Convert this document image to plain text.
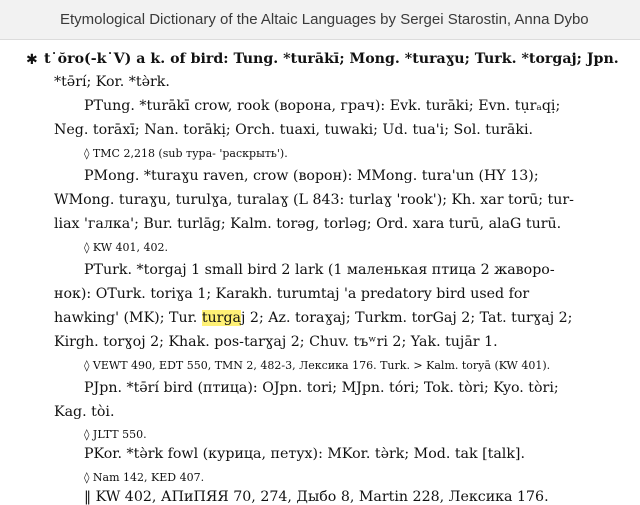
Etymological Dictionary of the Altaic Languages by Sergei Starostin, Anna Dybo
✱ t˙ŏro(-k˙V) a k. of bird: Tung. *turākī; Mong. *turaɣu; Turk. *torgaj; Jpn.
*tə̄rí; Kor. *tə̀rk.
PTung. *turākī crow, rook (ворона, грач): Evk. turāki; Evn. tụrₐqị;
Neg. torāxī; Nan. torākị; Orch. tuaxi, tuwaki; Ud. tuа'i; Sol. turāki.
◊ TMC 2,218 (sub турa- 'раскрыть').
PMong. *turaɣu raven, crow (ворон): MMong. tura'un (HY 13);
WMong. turaɣu, turulɣa, turalaɣ (L 843: turlaɣ 'rook'); Kh. xar torū; tur-
liax 'галка'; Bur. turlāg; Kalm. torəg, torləg; Ord. xara turū, alaG turū.
◊ KW 401, 402.
PTurk. *torgaj 1 small bird 2 lark (1 маленькая птица 2 жаворо-
нок): OTurk. toriɣa 1; Karakh. turumtaj 'a predatory bird used for
hawking' (MK); Tur. turgaj 2; Az. toraɣaj; Turkm. torGaj 2; Tat. turɣaj 2;
Kirgh. torɣoj 2; Khak. pos-tarɣaj 2; Chuv. tъʷri 2; Yak. tujār 1.
◊ VEWT 490, EDT 550, TMN 2, 482-3, Лексика 176. Turk. > Kalm. toryā (KW 401).
PJpn. *tə̄rí bird (птица): OJpn. tori; MJpn. tóri; Tok. tòri; Kyo. tòri;
Kag. tòi.
◊ JLTT 550.
PKor. *tə̀rk fowl (курица, петух): MKor. tə̀rk; Mod. tak [talk].
◊ Nam 142, KED 407.
‖ KW 402, АПиПЯЯ 70, 274, Дыбо 8, Martin 228, Лексика 176.
